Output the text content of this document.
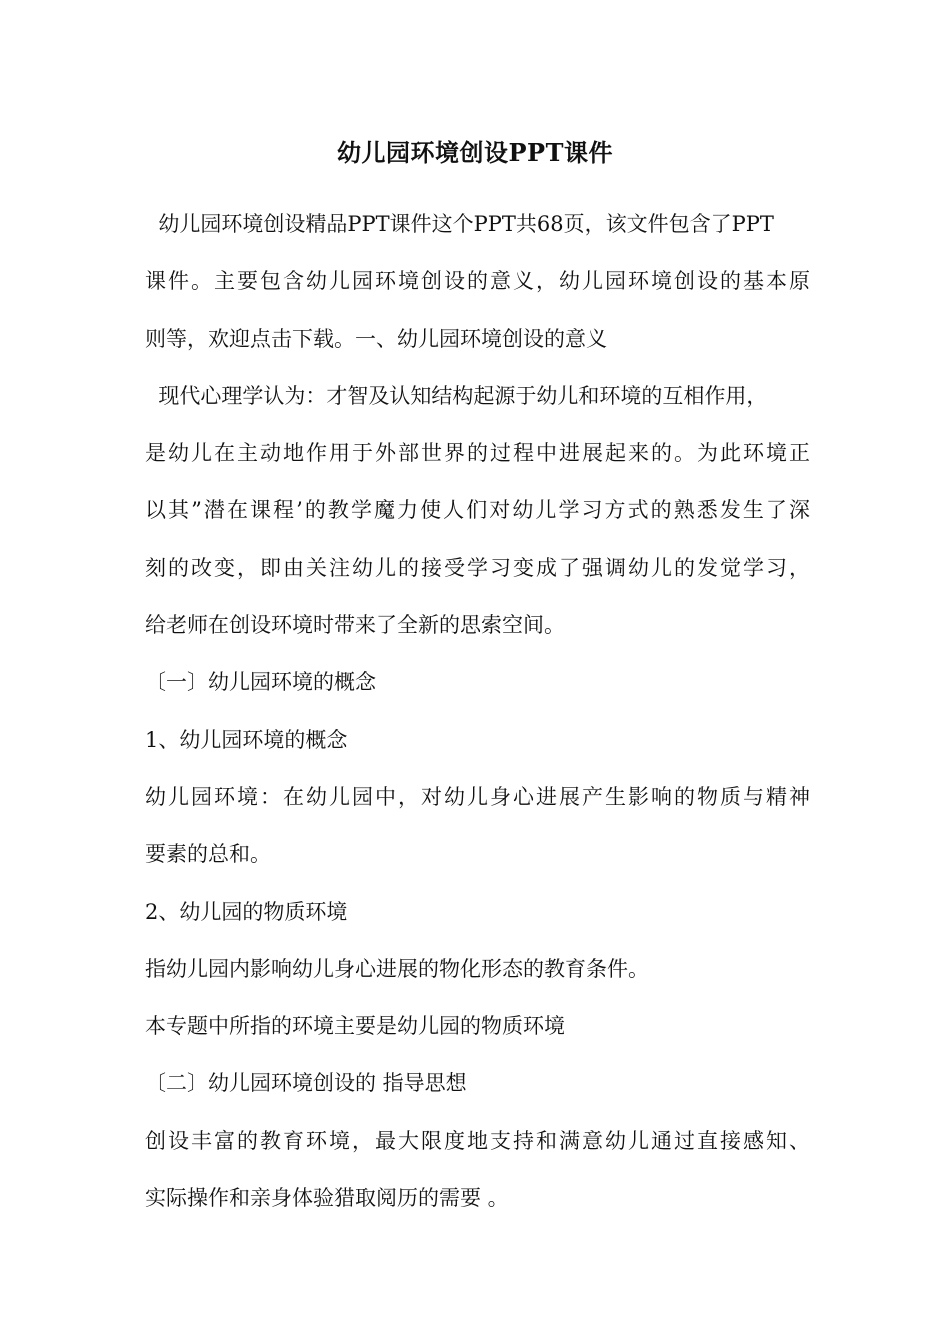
幼儿园环境创设PPT课件

幼儿园环境创设精品PPT课件这个PPT共68页，该文件包含了PPT

课件。主要包含幼儿园环境创设的意义，幼儿园环境创设的基本原

则等，欢迎点击下载。一、幼儿园环境创设的意义

现代心理学认为：才智及认知结构起源于幼儿和环境的互相作用，

是幼儿在主动地作用于外部世界的过程中进展起来的。为此环境正

以其”潜在课程’的教学魔力使人们对幼儿学习方式的熟悉发生了深

刻的改变，即由关注幼儿的接受学习变成了强调幼儿的发觉学习，

给老师在创设环境时带来了全新的思索空间。

〔一〕幼儿园环境的概念

1、幼儿园环境的概念

幼儿园环境：在幼儿园中，对幼儿身心进展产生影响的物质与精神

要素的总和。

2、幼儿园的物质环境

指幼儿园内影响幼儿身心进展的物化形态的教育条件。

本专题中所指的环境主要是幼儿园的物质环境

〔二〕幼儿园环境创设的 指导思想

创设丰富的教育环境，最大限度地支持和满意幼儿通过直接感知、

实际操作和亲身体验猎取阅历的需要 。
